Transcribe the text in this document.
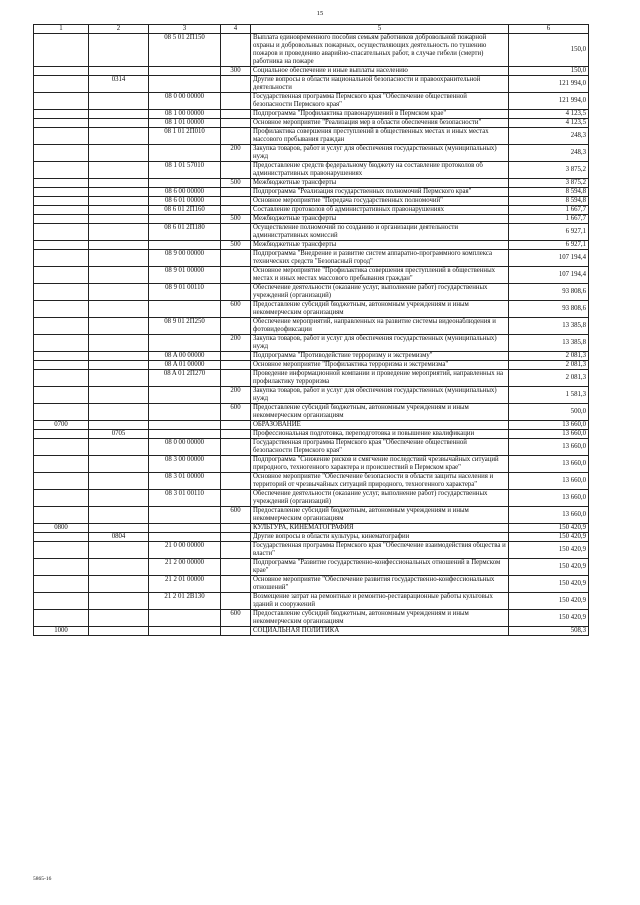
15
1	2	3	4	5	6
		08 5 01 2П150		Выплата единовременного пособия семьям работников добровольной пожарной охраны и добровольных пожарных, осуществляющих деятельность по тушению пожаров и проведению аварийно-спасательных работ, в случае гибели (смерти) работника на пожаре	150,0
			300	Социальное обеспечение и иные выплаты населению	150,0
	0314			Другие вопросы в области национальной безопасности и правоохранительной деятельности	121 994,0
		08 0 00 00000		Государственная программа Пермского края "Обеспечение общественной безопасности Пермского края"	121 994,0
		08 1 00 00000		Подпрограмма "Профилактика правонарушений в Пермском крае"	4 123,5
		08 1 01 00000		Основное мероприятие "Реализация мер в области обеспечения безопасности"	4 123,5
		08 1 01 2П010		Профилактика совершения преступлений в общественных местах и иных местах массового пребывания граждан	248,3
			200	Закупка товаров, работ и услуг для обеспечения государственных (муниципальных) нужд	248,3
		08 1 01 57010		Предоставление средств федеральному бюджету на составление протоколов об административных правонарушениях	3 875,2
			500	Межбюджетные трансферты	3 875,2
		08 6 00 00000		Подпрограмма "Реализация государственных полномочий Пермского края"	8 594,8
		08 6 01 00000		Основное мероприятие "Передача государственных полномочий"	8 594,8
		08 6 01 2П160		Составление протоколов об административных правонарушениях	1 667,7
			500	Межбюджетные трансферты	1 667,7
		08 6 01 2П180		Осуществление полномочий по созданию и организации деятельности административных комиссий	6 927,1
			500	Межбюджетные трансферты	6 927,1
		08 9 00 00000		Подпрограмма "Внедрение и развитие систем аппаратно-программного комплекса технических средств "Безопасный город"	107 194,4
		08 9 01 00000		Основное мероприятие "Профилактика совершения преступлений в общественных местах и иных местах массового пребывания граждан"	107 194,4
		08 9 01 00110		Обеспечение деятельности (оказание услуг, выполнение работ) государственных учреждений (организаций)	93 808,6
			600	Предоставление субсидий бюджетным, автономным учреждениям и иным некоммерческим организациям	93 808,6
		08 9 01 2П250		Обеспечение мероприятий, направленных на развитие системы видеонаблюдения и фотовидеофиксации	13 385,8
			200	Закупка товаров, работ и услуг для обеспечения государственных (муниципальных) нужд	13 385,8
		08 A 00 00000		Подпрограмма "Противодействие терроризму и экстремизму"	2 081,3
		08 A 01 00000		Основное мероприятие "Профилактика терроризма и экстремизма"	2 081,3
		08 A 01 2П270		Проведение информационной компании и проведение мероприятий, направленных на профилактику терроризма	2 081,3
			200	Закупка товаров, работ и услуг для обеспечения государственных (муниципальных) нужд	1 581,3
			600	Предоставление субсидий бюджетным, автономным учреждениям и иным некоммерческим организациям	500,0
0700				ОБРАЗОВАНИЕ	13 660,0
	0705			Профессиональная подготовка, переподготовка и повышение квалификации	13 660,0
		08 0 00 00000		Государственная программа Пермского края "Обеспечение общественной безопасности Пермского края"	13 660,0
		08 3 00 00000		Подпрограмма "Снижение рисков и смягчение последствий чрезвычайных ситуаций природного, техногенного характера и происшествий в Пермском крае"	13 660,0
		08 3 01 00000		Основное мероприятие "Обеспечение безопасности в области защиты населения и территорий от чрезвычайных ситуаций природного, техногенного характера"	13 660,0
		08 3 01 00110		Обеспечение деятельности (оказание услуг, выполнение работ) государственных учреждений (организаций)	13 660,0
			600	Предоставление субсидий бюджетным, автономным учреждениям и иным некоммерческим организациям	13 660,0
0800				КУЛЬТУРА, КИНЕМАТОГРАФИЯ	150 420,9
	0804			Другие вопросы в области культуры, кинематографии	150 420,9
		21 0 00 00000		Государственная программа Пермского края "Обеспечение взаимодействия общества и власти"	150 420,9
		21 2 00 00000		Подпрограмма "Развитие государственно-конфессиональных отношений в Пермском крае"	150 420,9
		21 2 01 00000		Основное мероприятие "Обеспечение развития государственно-конфессиональных отношений"	150 420,9
		21 2 01 2В130		Возмещение затрат на ремонтные и ремонтно-реставрационные работы культовых зданий и сооружений	150 420,9
			600	Предоставление субсидий бюджетным, автономным учреждениям и иным некоммерческим организациям	150 420,9
1000				СОЦИАЛЬНАЯ ПОЛИТИКА	508,3
5865-16
